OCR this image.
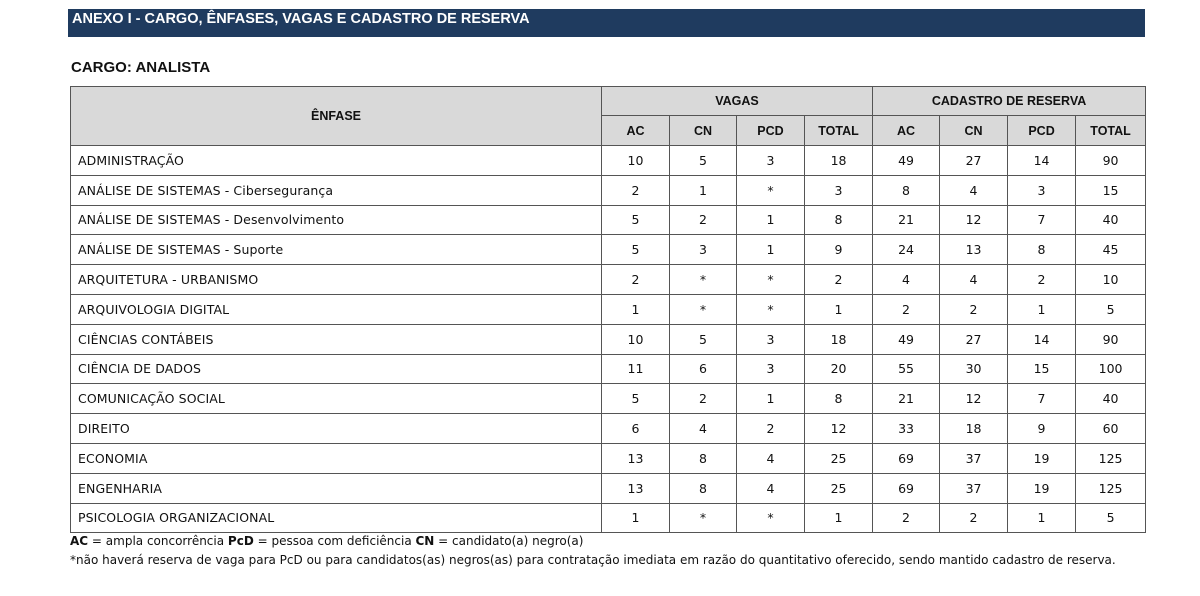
ANEXO I - CARGO, ÊNFASES, VAGAS E CADASTRO DE RESERVA
CARGO: ANALISTA
ÊNFASE	VAGAS				CADASTRO DE RESERVA			
	AC	CN	PCD	TOTAL	AC	CN	PCD	TOTAL
ADMINISTRAÇÃO	10	5	3	18	49	27	14	90
ANÁLISE DE SISTEMAS - Cibersegurança	2	1	*	3	8	4	3	15
ANÁLISE DE SISTEMAS - Desenvolvimento	5	2	1	8	21	12	7	40
ANÁLISE DE SISTEMAS - Suporte	5	3	1	9	24	13	8	45
ARQUITETURA - URBANISMO	2	*	*	2	4	4	2	10
ARQUIVOLOGIA DIGITAL	1	*	*	1	2	2	1	5
CIÊNCIAS CONTÁBEIS	10	5	3	18	49	27	14	90
CIÊNCIA DE DADOS	11	6	3	20	55	30	15	100
COMUNICAÇÃO SOCIAL	5	2	1	8	21	12	7	40
DIREITO	6	4	2	12	33	18	9	60
ECONOMIA	13	8	4	25	69	37	19	125
ENGENHARIA	13	8	4	25	69	37	19	125
PSICOLOGIA ORGANIZACIONAL	1	*	*	1	2	2	1	5
AC = ampla concorrência PcD = pessoa com deficiência CN = candidato(a) negro(a)
*não haverá reserva de vaga para PcD ou para candidatos(as) negros(as) para contratação imediata em razão do quantitativo oferecido, sendo mantido cadastro de reserva.
